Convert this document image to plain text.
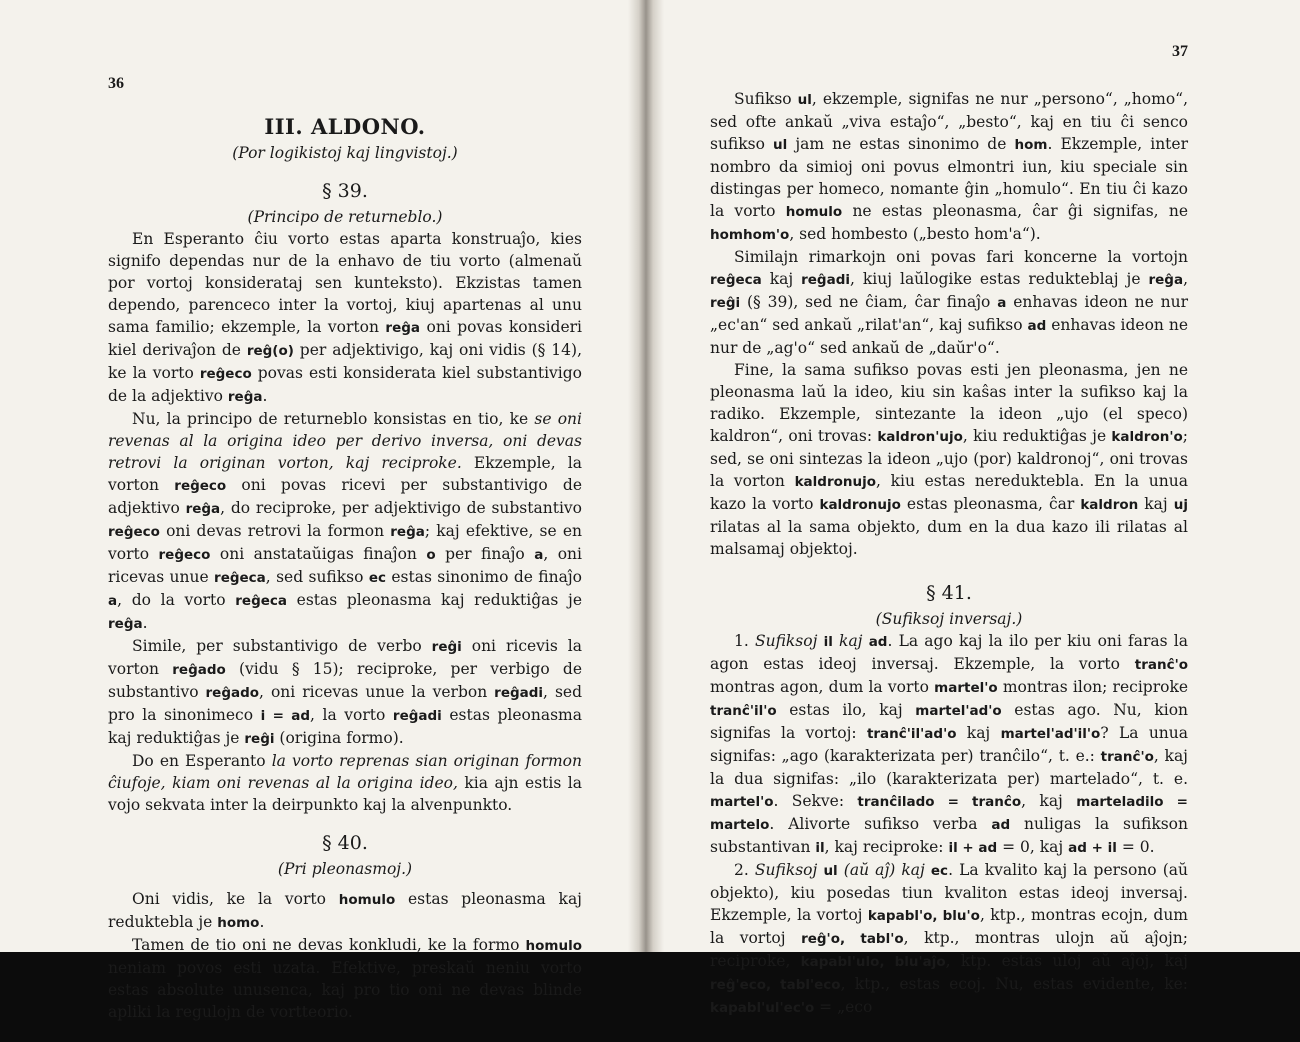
36
III. ALDONO.
(Por logikistoj kaj lingvistoj.)
§ 39.
(Principo de returneblo.)

En Esperanto ĉiu vorto estas aparta konstruaĵo, kies signifo dependas nur de la enhavo de tiu vorto (almenaŭ por vortoj konsiderataj sen kunteksto). Ekzistas tamen dependo, parenceco inter la vortoj, kiuj apartenas al unu sama familio; ekzemple, la vorton reĝa oni povas konsideri kiel derivaĵon de reĝ(o) per adjektivigo, kaj oni vidis (§ 14), ke la vorto reĝeco povas esti konsiderata kiel substantivigo de la adjektivo reĝa.

Nu, la principo de returneblo konsistas en tio, ke se oni revenas al la origina ideo per derivo inversa, oni devas retrovi la originan vorton, kaj reciproke. Ekzemple, la vorton reĝeco oni povas ricevi per substantivigo de adjektivo reĝa, do reciproke, per adjektivigo de substantivo reĝeco oni devas retrovi la formon reĝa; kaj efektive, se en vorto reĝeco oni anstataŭigas finaĵon o per finaĵo a, oni ricevas unue reĝeca, sed sufikso ec estas sinonimo de finaĵo a, do la vorto reĝeca estas pleonasma kaj reduktiĝas je reĝa.

Simile, per substantivigo de verbo reĝi oni ricevis la vorton reĝado (vidu § 15); reciproke, per verbigo de substantivo reĝado, oni ricevas unue la verbon reĝadi, sed pro la sinonimeco i = ad, la vorto reĝadi estas pleonasma kaj reduktiĝas je reĝi (origina formo).

Do en Esperanto la vorto reprenas sian originan formon ĉiufoje, kiam oni revenas al la origina ideo, kia ajn estis la vojo sekvata inter la deirpunkto kaj la alvenpunkto.

§ 40.
(Pri pleonasmoj.)

Oni vidis, ke la vorto homulo estas pleonasma kaj reduktebla je homo.

Tamen de tio oni ne devas konkludi, ke la formo homulo neniam povos esti uzata. Efektive, preskaŭ neniu vorto estas absolute unusenca, kaj pro tio oni ne devas blinde apliki la regulojn de vortteorio.

37

Sufikso ul, ekzemple, signifas ne nur „persono“, „homo“, sed ofte ankaŭ „viva estaĵo“, „besto“, kaj en tiu ĉi senco sufikso ul jam ne estas sinonimo de hom. Ekzemple, inter nombro da simioj oni povus elmontri iun, kiu speciale sin distingas per homeco, nomante ĝin „homulo“. En tiu ĉi kazo la vorto homulo ne estas pleonasma, ĉar ĝi signifas, ne homhom'o, sed hombesto („besto hom'a“).

Similajn rimarkojn oni povas fari koncerne la vortojn reĝeca kaj reĝadi, kiuj laŭlogike estas redukteblaj je reĝa, reĝi (§ 39), sed ne ĉiam, ĉar finaĵo a enhavas ideon ne nur „ec'an“ sed ankaŭ „rilat'an“, kaj sufikso ad enhavas ideon ne nur de „ag'o“ sed ankaŭ de „daŭr'o“.

Fine, la sama sufikso povas esti jen pleonasma, jen ne pleonasma laŭ la ideo, kiu sin kaŝas inter la sufikso kaj la radiko. Ekzemple, sintezante la ideon „ujo (el speco) kaldron“, oni trovas: kaldron'ujo, kiu reduktiĝas je kaldron'o; sed, se oni sintezas la ideon „ujo (por) kaldronoj“, oni trovas la vorton kaldronujo, kiu estas nereduktebla. En la unua kazo la vorto kaldronujo estas pleonasma, ĉar kaldron kaj uj rilatas al la sama objekto, dum en la dua kazo ili rilatas al malsamaj objektoj.

§ 41.
(Sufiksoj inversaj.)

1. Sufiksoj il kaj ad. La ago kaj la ilo per kiu oni faras la agon estas ideoj inversaj. Ekzemple, la vorto tranĉ'o montras agon, dum la vorto martel'o montras ilon; reciproke tranĉ'il'o estas ilo, kaj martel'ad'o estas ago. Nu, kion signifas la vortoj: tranĉ'il'ad'o kaj martel'ad'il'o? La unua signifas: „ago (karakterizata per) tranĉilo“, t. e.: tranĉ'o, kaj la dua signifas: „ilo (karakterizata per) martelado“, t. e. martel'o. Sekve: tranĉilado = tranĉo, kaj marteladilo = martelo. Alivorte sufikso verba ad nuligas la sufikson substantivan il, kaj reciproke: il + ad = 0, kaj ad + il = 0.

2. Sufiksoj ul (aŭ aĵ) kaj ec. La kvalito kaj la persono (aŭ objekto), kiu posedas tiun kvaliton estas ideoj inversaj. Ekzemple, la vortoj kapabl'o, blu'o, ktp., montras ecojn, dum la vortoj reĝ'o, tabl'o, ktp., montras ulojn aŭ aĵojn; reciproke, kapabl'ulo, blu'aĵo, ktp. estas uloj aŭ aĵoj, kaj reĝ'eco, tabl'eco, ktp., estas ecoj. Nu, estas evidente, ke: kapabl'ul'ec'o = „eco
